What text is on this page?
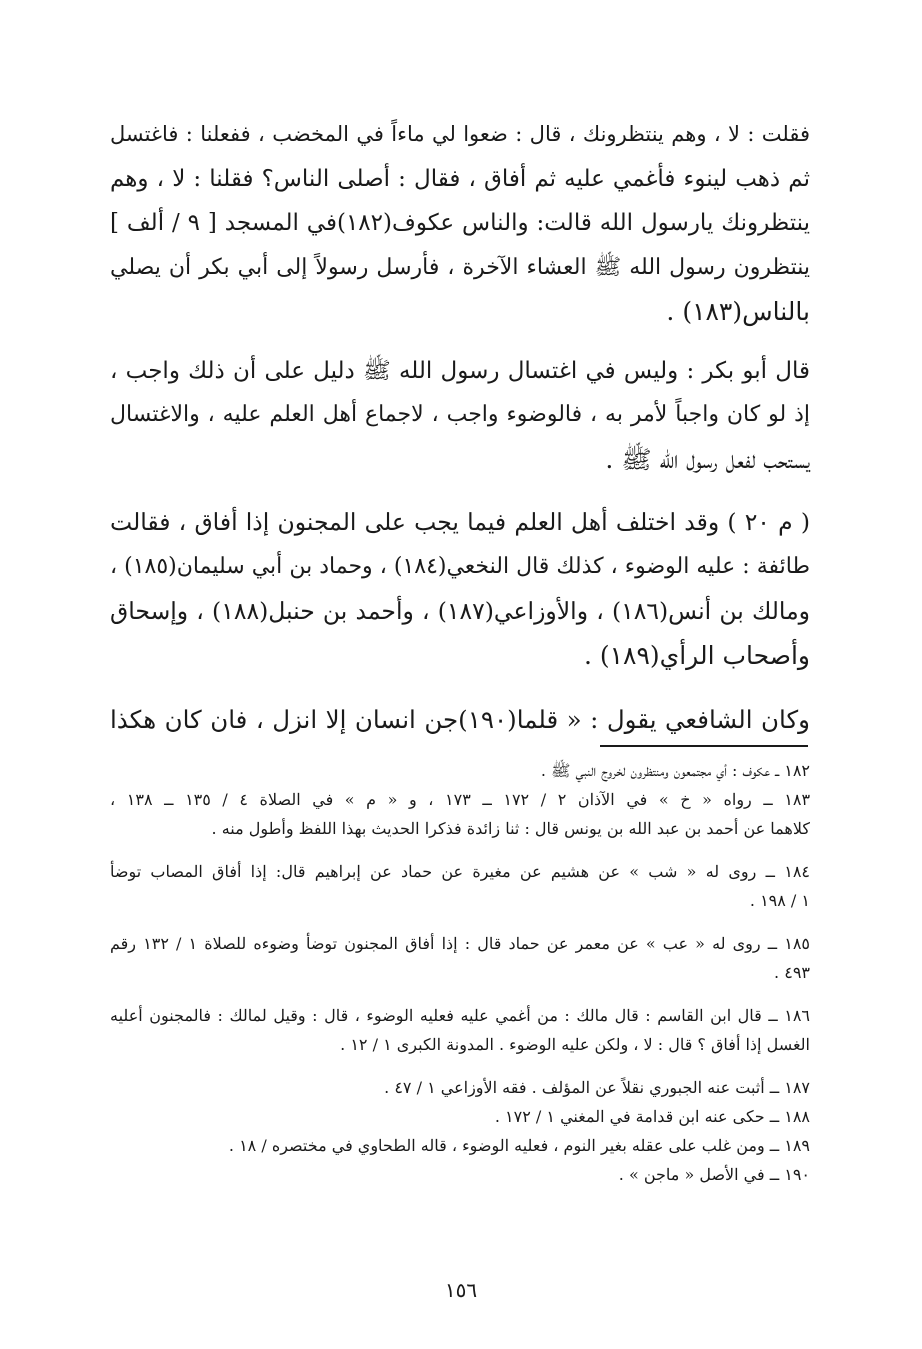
فقلت : لا ، وهم ينتظرونك ، قال : ضعوا لي ماءاً في المخضب ، ففعلنا : فاغتسل
ثم ذهب لينوء فأغمي عليه ثم أفاق ، فقال : أصلى الناس؟ فقلنا : لا ، وهم
ينتظرونك يارسول الله قالت: والناس عكوف(١٨٢)في المسجد [ ٩ / ألف ]
ينتظرون رسول الله ﷺ العشاء الآخرة ، فأرسل رسولاً إلى أبي بكر أن يصلي
بالناس(١٨٣) .
قال أبو بكر : وليس في اغتسال رسول الله ﷺ دليل على أن ذلك واجب ،
إذ لو كان واجباً لأمر به ، فالوضوء واجب ، لاجماع أهل العلم عليه ، والاغتسال
يستحب لفعل رسول الله ﷺ .
( م ٢٠ ) وقد اختلف أهل العلم فيما يجب على المجنون إذا أفاق ، فقالت
طائفة : عليه الوضوء ، كذلك قال النخعي(١٨٤) ، وحماد بن أبي سليمان(١٨٥) ،
ومالك بن أنس(١٨٦) ، والأوزاعي(١٨٧) ، وأحمد بن حنبل(١٨٨) ، وإسحاق
وأصحاب الرأي(١٨٩) .
وكان الشافعي يقول : « قلما(١٩٠)جن انسان إلا انزل ، فان كان هكذا
١٨٢ ــ عكوف : أي مجتمعون ومنتظرون لخروج النبي ﷺ .
١٨٣ ــ رواه « خ » في الآذان ٢ / ١٧٢ ــ ١٧٣ ، و « م » في الصلاة ٤ / ١٣٥ ــ ١٣٨ ،
كلاهما عن أحمد بن عبد الله بن يونس قال : ثنا زائدة فذكرا الحديث بهذا اللفظ وأطول منه .
١٨٤ ــ روى له « شب » عن هشيم عن مغيرة عن حماد عن إبراهيم قال: إذا أفاق المصاب توضأ
١ / ١٩٨ .
١٨٥ ــ روى له « عب » عن معمر عن حماد قال : إذا أفاق المجنون توضأ وضوءه للصلاة ١ / ١٣٢ رقم
٤٩٣ .
١٨٦ ــ قال ابن القاسم : قال مالك : من أغمي عليه فعليه الوضوء ، قال : وقيل لمالك : فالمجنون أعليه
الغسل إذا أفاق ؟ قال : لا ، ولكن عليه الوضوء . المدونة الكبرى ١ / ١٢ .
١٨٧ ــ أثبت عنه الجبوري نقلاً عن المؤلف . فقه الأوزاعي ١ / ٤٧ .
١٨٨ ــ حكى عنه ابن قدامة في المغني ١ / ١٧٢ .
١٨٩ ــ ومن غلب على عقله بغير النوم ، فعليه الوضوء ، قاله الطحاوي في مختصره / ١٨ .
١٩٠ ــ في الأصل « ماجن » .
١٥٦
